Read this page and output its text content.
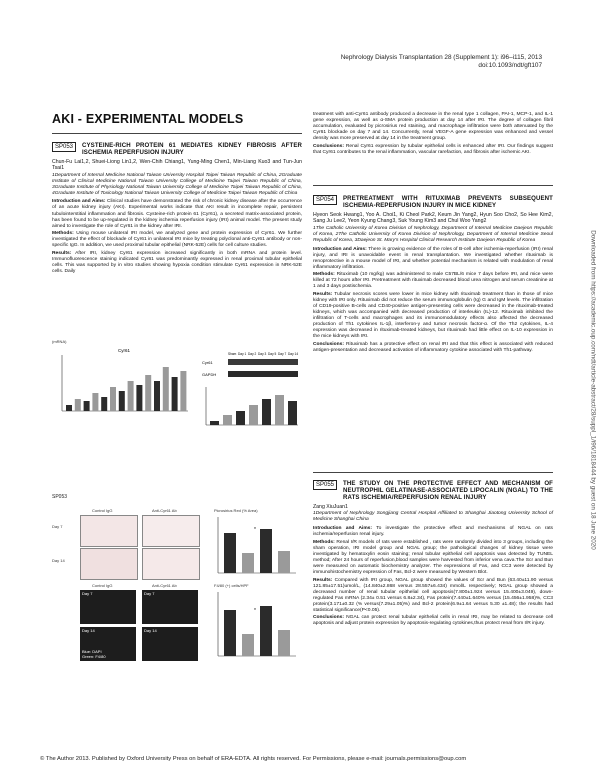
Nephrology Dialysis Transplantation 28 (Supplement 1): i96–i115, 2013
doi:10.1093/ndt/gft107
AKI - EXPERIMENTAL MODELS
SP053	CYSTEINE-RICH PROTEIN 61 MEDIATES KIDNEY FIBROSIS AFTER ISCHEMIA REPERFUSION INJURY
Chun-Fu Lai1,2, Shuei-Liong Lin1,2, Wen-Chih Chiang1, Yung-Ming Chen1, Min-Liang Kuo3 and Tun-Jun Tsai1
1Department of Internal Medicine National Taiwan University Hospital Taipei Taiwan Republic of China, 2Graduate Institute of Clinical Medicine National Taiwan University College of Medicine Taipei Taiwan Republic of China, 3Graduate Institute of Physiology National Taiwan University College of Medicine Taipei Taiwan Republic of China, 4Graduate Institute of Toxicology National Taiwan University College of Medicine Taipei Taiwan Republic of China

Introduction and Aims: Clinical studies have demonstrated the risk of chronic kidney disease after the occurrence of an acute kidney injury (AKI). Experimental works indicate that AKI result in incomplete repair, persistent tubulointerstitial inflammation and fibrosis. Cysteine-rich protein 61 (Cyr61), a secreted matrix-associated protein, has been found to be up-regulated in the kidney ischemia reperfusion injury (IRI) animal model. The present study aimed to investigate the role of Cyr61 in the kidney after IRI.

Methods: Using mouse unilateral IRI model, we analyzed gene and protein expression of Cyr61. We further investigated the effect of blockade of Cyr61 in unilateral IRI mice by treating polyclonal anti-Cyr61 antibody or non-specific IgG. In addition, we used proximal tubular epithelial (NRK-52E) cells for cell culture studies.

Results: After IRI, kidney Cyr61 expression increased significantly in both mRNA and protein level. Immunofluorescence staining indicated Cyr61 was predominantly expressed in renal proximal tubular epithelial cells. This was supported by in vitro studies showing hypoxia condition stimulate Cyr61 expression in NRK-52E cells. Daily

(mRNA)
Cyr61
Sham Day 1 Day 2 Day 3 Day 5 Day 7 Day 14
Cyr61
GAPDH
SP053
Control IgG	Anti-Cyr61 Ab	Picrosirius Red (% Area)
Day 7
Day 14
*
Control IgG	Anti-Cyr61 Ab	F4/80 (+) cells/HPF
Day 7	Day 7
Day 14
Blue: DAPI
Green: F4/80
Day 14
*

treatment with anti-Cyr61 antibody produced a decrease in the renal type 1 collagen, PAI-1, MCP-1, and IL-1 gene expression, as well as α-SMA protein production at day 14 after IRI. The degree of collagen fibril accumulation, evaluated by picrosirius red staining, and macrophage infiltration were both attenuated by the Cyr61 blockade on day 7 and 14. Concurrently, renal VEGF-A gene expression was enhanced and vessel density was more preserved at day 14 in the treatment group.

Conclusions: Renal Cyr61 expression by tubular epithelial cells is enhanced after IRI. Our findings suggest that Cyr61 contributes to the renal inflammation, vascular rarefaction, and fibrosis after ischemic AKI.

SP054	PRETREATMENT WITH RITUXIMAB PREVENTS SUBSEQUENT ISCHEMIA-REPERFUSION INJURY IN MICE KIDNEY
Hyeon Seok Hwang1, Yoo A. Choi1, Ki Cheol Park2, Keum Jin Yang2, Hyun Soo Cho2, So Hee Kim2, Sang Ju Lee2, Yeon Kyung Chang3, Suk Young Kim3 and Chul Woo Yang2
1The Catholic University of Korea Division of Nephrology, Department of Internal Medicine Daejeon Republic of Korea, 2The Catholic University of Korea Division of Nephrology, Department of Internal Medicine Seoul Republic of Korea, 3Daejeon St. Mary's Hospital Clinical Research Institute Daejeon Republic of Korea

Introduction and Aims: There is growing evidence of the roles of B-cell after ischemia-reperfusion (IRI) renal injury, and IRI is unavoidable event in renal transplantation. We investigated whether rituximab is renoprotective in a mouse model of IRI, and whether potential mechanism is related with modulation of renal inflammatory infiltration.

Methods: Rituximab (10 mg/kg) was administered to male C57BL/6 mice 7 days before IRI, and mice were killed at 72 hours after IRI. Pretreatment with rituximab decreased blood urea nitrogen and serum creatinine at 1 and 3 days postischemia.

Results: Tubular necrosis scores were lower in mice kidney with rituximab treatment than in those of mice kidney with IRI only. Rituximab did not reduce the serum immunoglobulin (Ig) G and IgM levels. The infiltration of CD19-positive B-cells and CD40-positive antigen-presenting cells were decreased in the rituximab-treated kidneys, which was accompanied with decreased production of interleukin (IL)-12. Rituximab inhibited the infiltration of T-cells and macrophages and its immunomodulatory effects also affected the decreased production of Th1 cytokines IL-1β, interferon-γ and tumor necrosis factor-α. Of the Th2 cytokines, IL-4 expression was decreased in rituximab-treated kidneys, but rituximab had little effect on IL-10 expression in the mice kidneys with IRI.

Conclusions: Rituximab has a protective effect on renal IRI and that this effect is associated with reduced antigen-presentation and decreased activation of inflammatory cytokine associated with Th1-pathway.

SP055	THE STUDY ON THE PROTECTIVE EFFECT AND MECHANISM OF NEUTROPHIL GELATINASE-ASSOCIATED LIPOCALIN (NGAL) TO THE RATS ISCHEMIA/REPERFUSION RENAL INJURY
Zang XiuJuan1
1Department of Nephrology Songjiang Central Hospital Affiliated to Shanghai Jiaotong University School of Medicine Shanghai China

Introduction and Aims: To investigate the protective effect and mechanisms of NGAL on rats ischemia/reperfusion renal injury.

Methods: Renal I/R models of rats were established , rats were randomly divided into 3 groups, including the sham operation, IRI model group and NGAL group; the pathological changes of kidney tissue were investigated by hematoxylin eosin staining; renal tubular epithelial cell apoptosis was detected by TUNEL method; After 24 hours of reperfusion,blood samples were harvested from inferior vena cava.The Scr and Bun were measured on automatic biochemistry analyzer. The expressions of Fas, and CC3 were detected by immunohistochemistry expression of Fas, Bcl-2 were measured by Western Blot.

Results: Compared with IRI group, NGAL group showed the values of Scr and Bun (63.40±11.90 versus 121.85±17.51)umol/L, (14.840±2.868 versus 28.557±6.434) mmol/L respectively; NGAL group showed a decreased number of renal tubular epithelial cell apoptosis(7.800±1.924 versus 15.400±3.049), down-regulated Fas mRNA (2.34± 0.51 versus 6.8±2.34), Fas protein(7.440±1.640% versus (15.456±1.958)%, CC3 protein(3.171±0.32 (% versus(7.29±1.05)%) and Bcl-2 protein(6.9±1.64 versus 5.30 ±1.48); the results had statistical significance(P<0.05).

Conclusions: NGAL can protect renal tubular epithelial cells in renal IRI, may be related to decrease cell apoptosis and adjust protein expression by apoptosis-regulating cytokines,thus protect renal from I/R injury.

Downloaded from https://academic.oup.com/ndt/article-abstract/28/suppl_1/i96/1818444 by guest on 18 June 2020
© The Author 2013. Published by Oxford University Press on behalf of ERA-EDTA. All rights reserved. For Permissions, please e-mail: journals.permissions@oup.com
